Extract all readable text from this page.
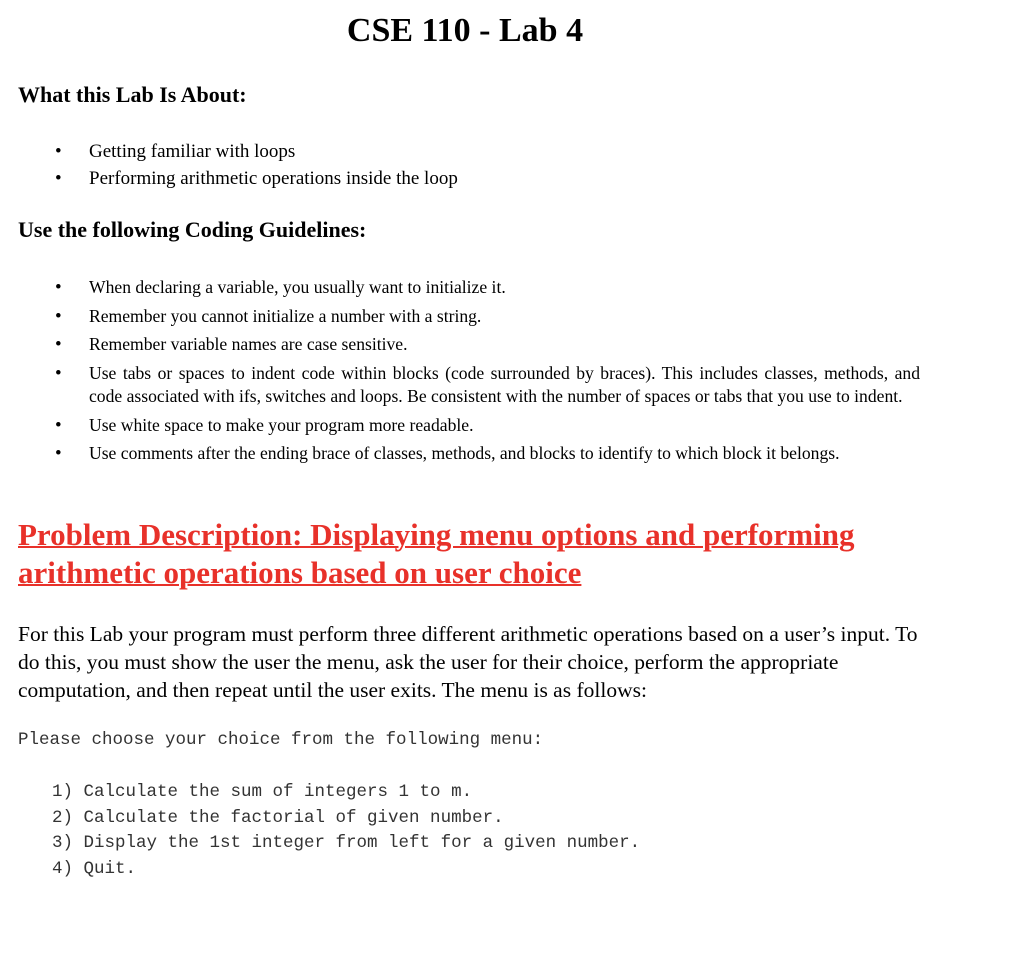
CSE 110 - Lab 4
What this Lab Is About:
• Getting familiar with loops
• Performing arithmetic operations inside the loop
Use the following Coding Guidelines:
• When declaring a variable, you usually want to initialize it.
• Remember you cannot initialize a number with a string.
• Remember variable names are case sensitive.
• Use tabs or spaces to indent code within blocks (code surrounded by braces). This includes classes, methods, and code associated with ifs, switches and loops. Be consistent with the number of spaces or tabs that you use to indent.
• Use white space to make your program more readable.
• Use comments after the ending brace of classes, methods, and blocks to identify to which block it belongs.
Problem Description: Displaying menu options and performing arithmetic operations based on user choice

For this Lab your program must perform three different arithmetic operations based on a user’s input. To do this, you must show the user the menu, ask the user for their choice, perform the appropriate computation, and then repeat until the user exits. The menu is as follows:

Please choose your choice from the following menu:

1) Calculate the sum of integers 1 to m.
2) Calculate the factorial of given number.
3) Display the 1st integer from left for a given number.
4) Quit.
